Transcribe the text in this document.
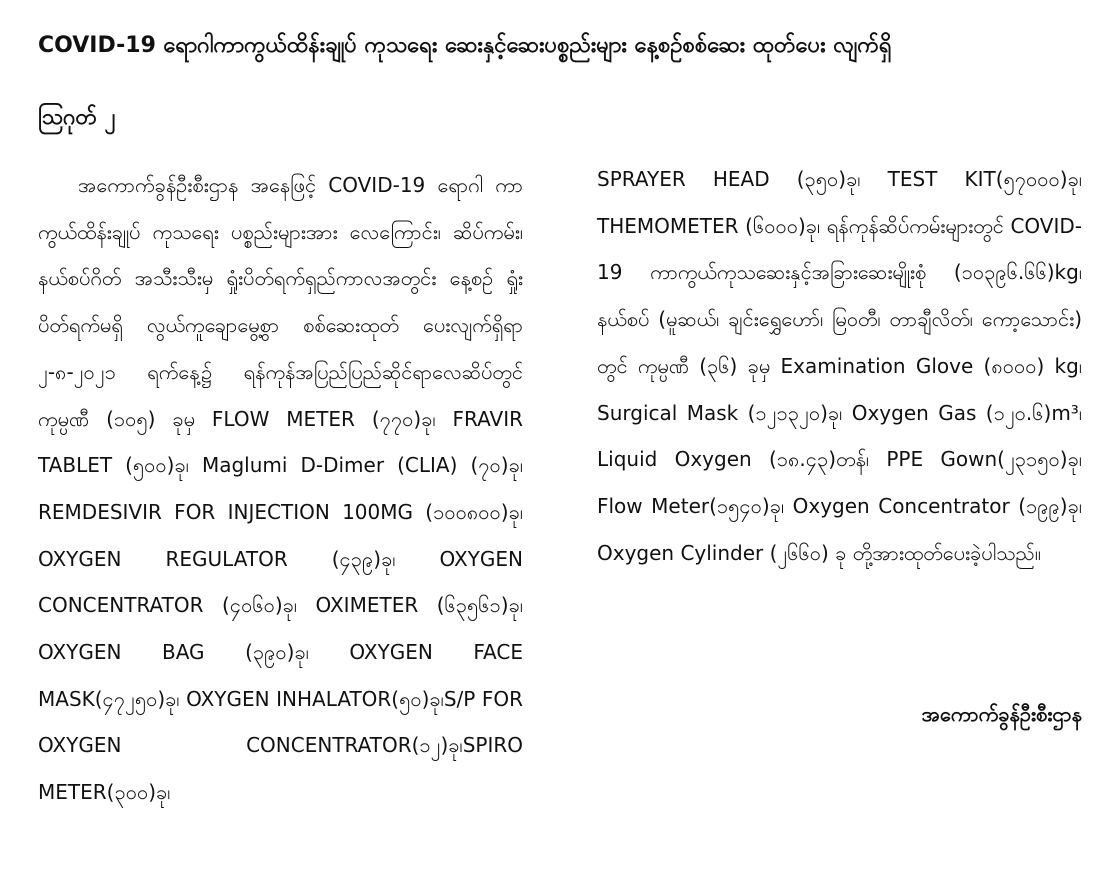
COVID-19 ရောဂါကာကွယ်ထိန်းချုပ် ကုသရေး ဆေးနှင့်ဆေးပစ္စည်းများ နေ့စဉ်စစ်ဆေး ထုတ်ပေး လျက်ရှိ
ဩဂုတ် ၂

အကောက်ခွန်ဦးစီးဌာန အနေဖြင့် COVID-19 ရောဂါ ကာကွယ်ထိန်းချုပ် ကုသရေး ပစ္စည်းများအား လေကြောင်း၊ ဆိပ်ကမ်း၊ နယ်စပ်ဂိတ် အသီးသီးမှ ရှုံးပိတ်ရက်ရှည်ကာလအတွင်း နေ့စဉ် ရှုံးပိတ်ရက်မရှိ လွယ်ကူချောမွေ့စွာ စစ်ဆေးထုတ် ပေးလျက်ရှိရာ ၂-၈-၂၀၂၁ ရက်နေ့၌ ရန်ကုန်အပြည်ပြည်ဆိုင်ရာလေဆိပ်တွင် ကုမ္ပဏီ (၁၀၅) ခုမှ FLOW METER (၇၇၀)ခု၊ FRAVIR TABLET (၅၀၀)ခု၊ Maglumi D-Dimer (CLIA) (၇၀)ခု၊ REMDESIVIR FOR INJECTION 100MG (၁၀၀၈၀၀)ခု၊ OXYGEN REGULATOR (၄၃၉)ခု၊ OXYGEN CONCENTRATOR (၄၀၆၀)ခု၊ OXIMETER (၆၃၅၆၁)ခု၊OXYGEN BAG (၃၉၀)ခု၊ OXYGEN FACE MASK(၄၇၂၅၀)ခု၊ OXYGEN INHALATOR(၅၀)ခု၊S/P FOR OXYGEN CONCENTRATOR(၁၂)ခု၊SPIRO METER(၃၀၀)ခု၊

SPRAYER HEAD (၃၅၀)ခု၊ TEST KIT(၅၇၀၀၀)ခု၊ THEMOMETER (၆၀၀၀)ခု၊ ရန်ကုန်ဆိပ်ကမ်းများတွင် COVID-19 ကာကွယ်ကုသဆေးနှင့်အခြားဆေးမျိုးစုံ (၁၀၃၉၆.၆၆)kg၊ နယ်စပ် (မူဆယ်၊ ချင်းရွှေဟော်၊ မြဝတီ၊ တာချီလိတ်၊ ကော့သောင်း) တွင် ကုမ္ပဏီ (၃၆) ခုမှ Examination Glove (၈၀၀၀) kg၊ Surgical Mask (၁၂၁၃၂၀)ခု၊ Oxygen Gas (၁၂၀.၆)m³၊ Liquid Oxygen (၁၈.၄၃)တန်၊ PPE Gown(၂၃၁၅၀)ခု၊Flow Meter(၁၅၄၀)ခု၊ Oxygen Concentrator (၁၉၉)ခု၊Oxygen Cylinder (၂၆၆၀) ခု တို့အားထုတ်ပေးခဲ့ပါသည်။

အကောက်ခွန်ဦးစီးဌာန
